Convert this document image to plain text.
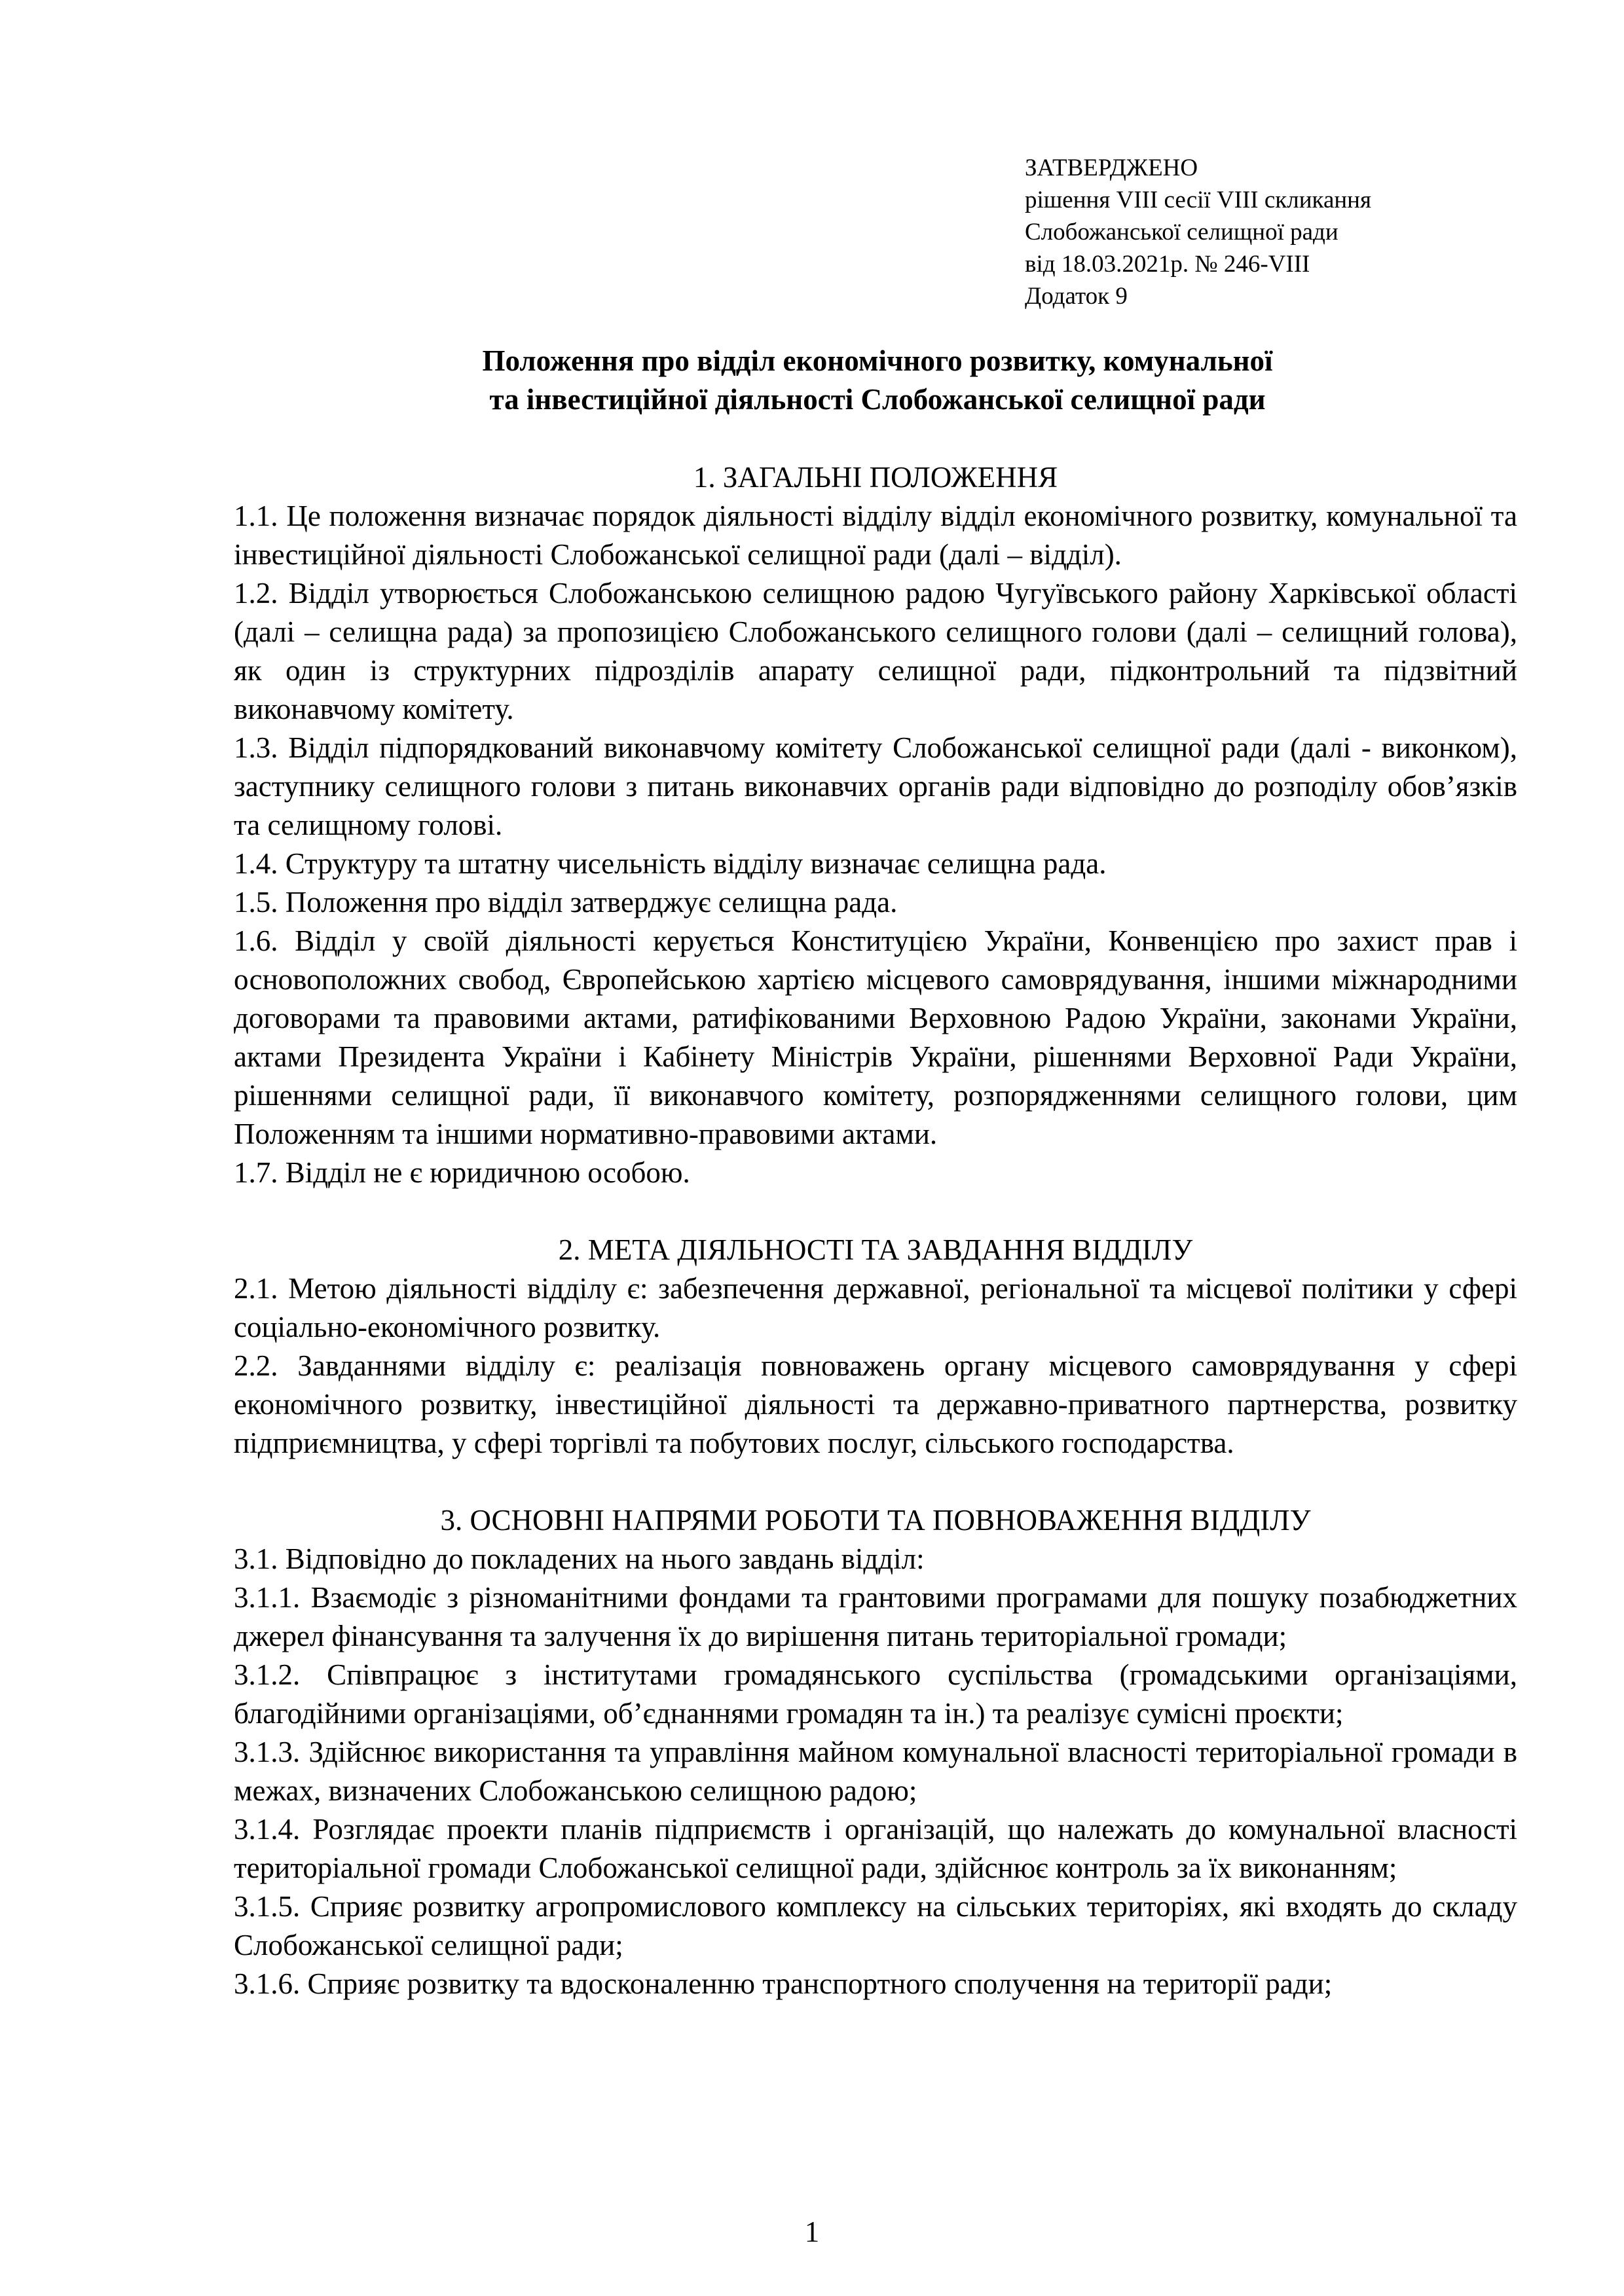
ЗАТВЕРДЖЕНО
рішення VIII сесії VIII скликання
Слобожанської селищної ради
від 18.03.2021р. № 246-VIII
Додаток 9
Положення про відділ економічного розвитку, комунальної
та інвестиційної діяльності Слобожанської селищної ради
1. ЗАГАЛЬНІ ПОЛОЖЕННЯ

1.1. Це положення визначає порядок діяльності відділу відділ економічного розвитку, комунальної та інвестиційної діяльності Слобожанської селищної ради (далі – відділ).

1.2. Відділ утворюється Слобожанською селищною радою Чугуївського району Харківської області (далі – селищна рада) за пропозицією Слобожанського селищного голови (далі – селищний голова), як один із структурних підрозділів апарату селищної ради, підконтрольний та підзвітний виконавчому комітету.

1.3. Відділ підпорядкований виконавчому комітету Слобожанської селищної ради (далі - виконком), заступнику селищного голови з питань виконавчих органів ради відповідно до розподілу обов’язків та селищному голові.

1.4. Структуру та штатну чисельність відділу визначає селищна рада.

1.5. Положення про відділ затверджує селищна рада.

1.6. Відділ у своїй діяльності керується Конституцією України, Конвенцією про захист прав і основоположних свобод, Європейською хартією місцевого самоврядування, іншими міжнародними договорами та правовими актами, ратифікованими Верховною Радою України, законами України, актами Президента України і Кабінету Міністрів України, рішеннями Верховної Ради України, рішеннями селищної ради, її виконавчого комітету, розпорядженнями селищного голови, цим Положенням та іншими нормативно-правовими актами.

1.7. Відділ не є юридичною особою.

2. МЕТА ДІЯЛЬНОСТІ ТА ЗАВДАННЯ ВІДДІЛУ

2.1. Метою діяльності відділу є: забезпечення державної, регіональної та місцевої політики у сфері соціально-економічного розвитку.

2.2. Завданнями відділу є: реалізація повноважень органу місцевого самоврядування у сфері економічного розвитку, інвестиційної діяльності та державно-приватного партнерства, розвитку підприємництва, у сфері торгівлі та побутових послуг, сільського господарства.

3. ОСНОВНІ НАПРЯМИ РОБОТИ ТА ПОВНОВАЖЕННЯ ВІДДІЛУ

3.1. Відповідно до покладених на нього завдань відділ:

3.1.1. Взаємодіє з різноманітними фондами та грантовими програмами для пошуку позабюджетних джерел фінансування та залучення їх до вирішення питань територіальної громади;

3.1.2. Співпрацює з інститутами громадянського суспільства (громадськими організаціями, благодійними організаціями, об’єднаннями громадян та ін.) та реалізує сумісні проєкти;

3.1.3. Здійснює використання та управління майном комунальної власності територіальної громади в межах, визначених Слобожанською селищною радою;

3.1.4. Розглядає проекти планів підприємств і організацій, що належать до комунальної власності територіальної громади Слобожанської селищної ради, здійснює контроль за їх виконанням;

3.1.5. Сприяє розвитку агропромислового комплексу на сільських територіях, які входять до складу Слобожанської селищної ради;

3.1.6. Сприяє розвитку та вдосконаленню транспортного сполучення на території ради;

1
